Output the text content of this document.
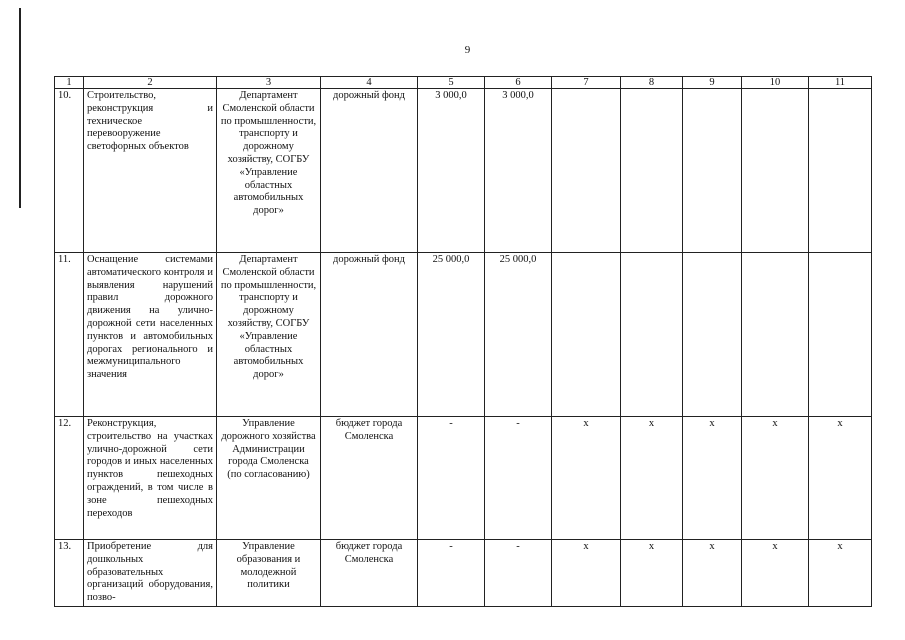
9
1	2	3	4	5	6	7	8	9	10	11
10.	Строительство, реконструкция и техническое перевооружение светофорных объектов	Департамент Смоленской области по промышленности, транспорту и дорожному хозяйству, СОГБУ «Управление областных автомобильных дорог»	дорожный фонд	3 000,0	3 000,0					
11.	Оснащение системами автоматического контроля и выявления нарушений правил дорожного движения на улично-дорожной сети населенных пунктов и автомобильных дорогах регионального и межмуниципального значения	Департамент Смоленской области по промышленности, транспорту и дорожному хозяйству, СОГБУ «Управление областных автомобильных дорог»	дорожный фонд	25 000,0	25 000,0					
12.	Реконструкция, строительство на участках улично-дорожной сети городов и иных населенных пунктов пешеходных ограждений, в том числе в зоне пешеходных переходов	Управление дорожного хозяйства Администрации города Смоленска (по согласованию)	бюджет города Смоленска	-	-	х	х	х	х	х
13.	Приобретение для дошкольных образовательных организаций оборудования, позво-	Управление образования и молодежной политики	бюджет города Смоленска	-	-	х	х	х	х	х
